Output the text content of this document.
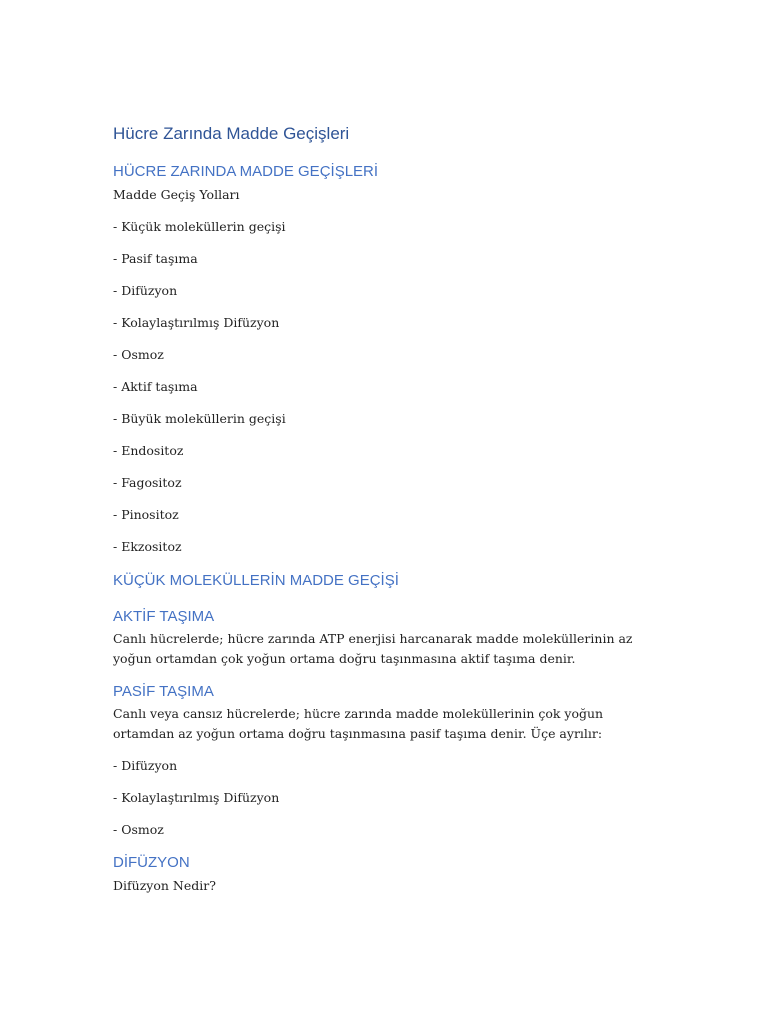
Hücre Zarında Madde Geçişleri
HÜCRE ZARINDA MADDE GEÇİŞLERİ
Madde Geçiş Yolları
- Küçük moleküllerin geçişi
- Pasif taşıma
- Difüzyon
- Kolaylaştırılmış Difüzyon
- Osmoz
- Aktif taşıma
- Büyük moleküllerin geçişi
- Endositoz
- Fagositoz
- Pinositoz
- Ekzositoz
KÜÇÜK MOLEKÜLLERİN MADDE GEÇİŞİ
AKTİF TAŞIMA
Canlı hücrelerde; hücre zarında ATP enerjisi harcanarak madde moleküllerinin az yoğun ortamdan çok yoğun ortama doğru taşınmasına aktif taşıma denir.
PASİF TAŞIMA
Canlı veya cansız hücrelerde; hücre zarında madde moleküllerinin çok yoğun ortamdan az yoğun ortama doğru taşınmasına pasif taşıma denir. Üçe ayrılır:
- Difüzyon
- Kolaylaştırılmış Difüzyon
- Osmoz
DİFÜZYON
Difüzyon Nedir?
